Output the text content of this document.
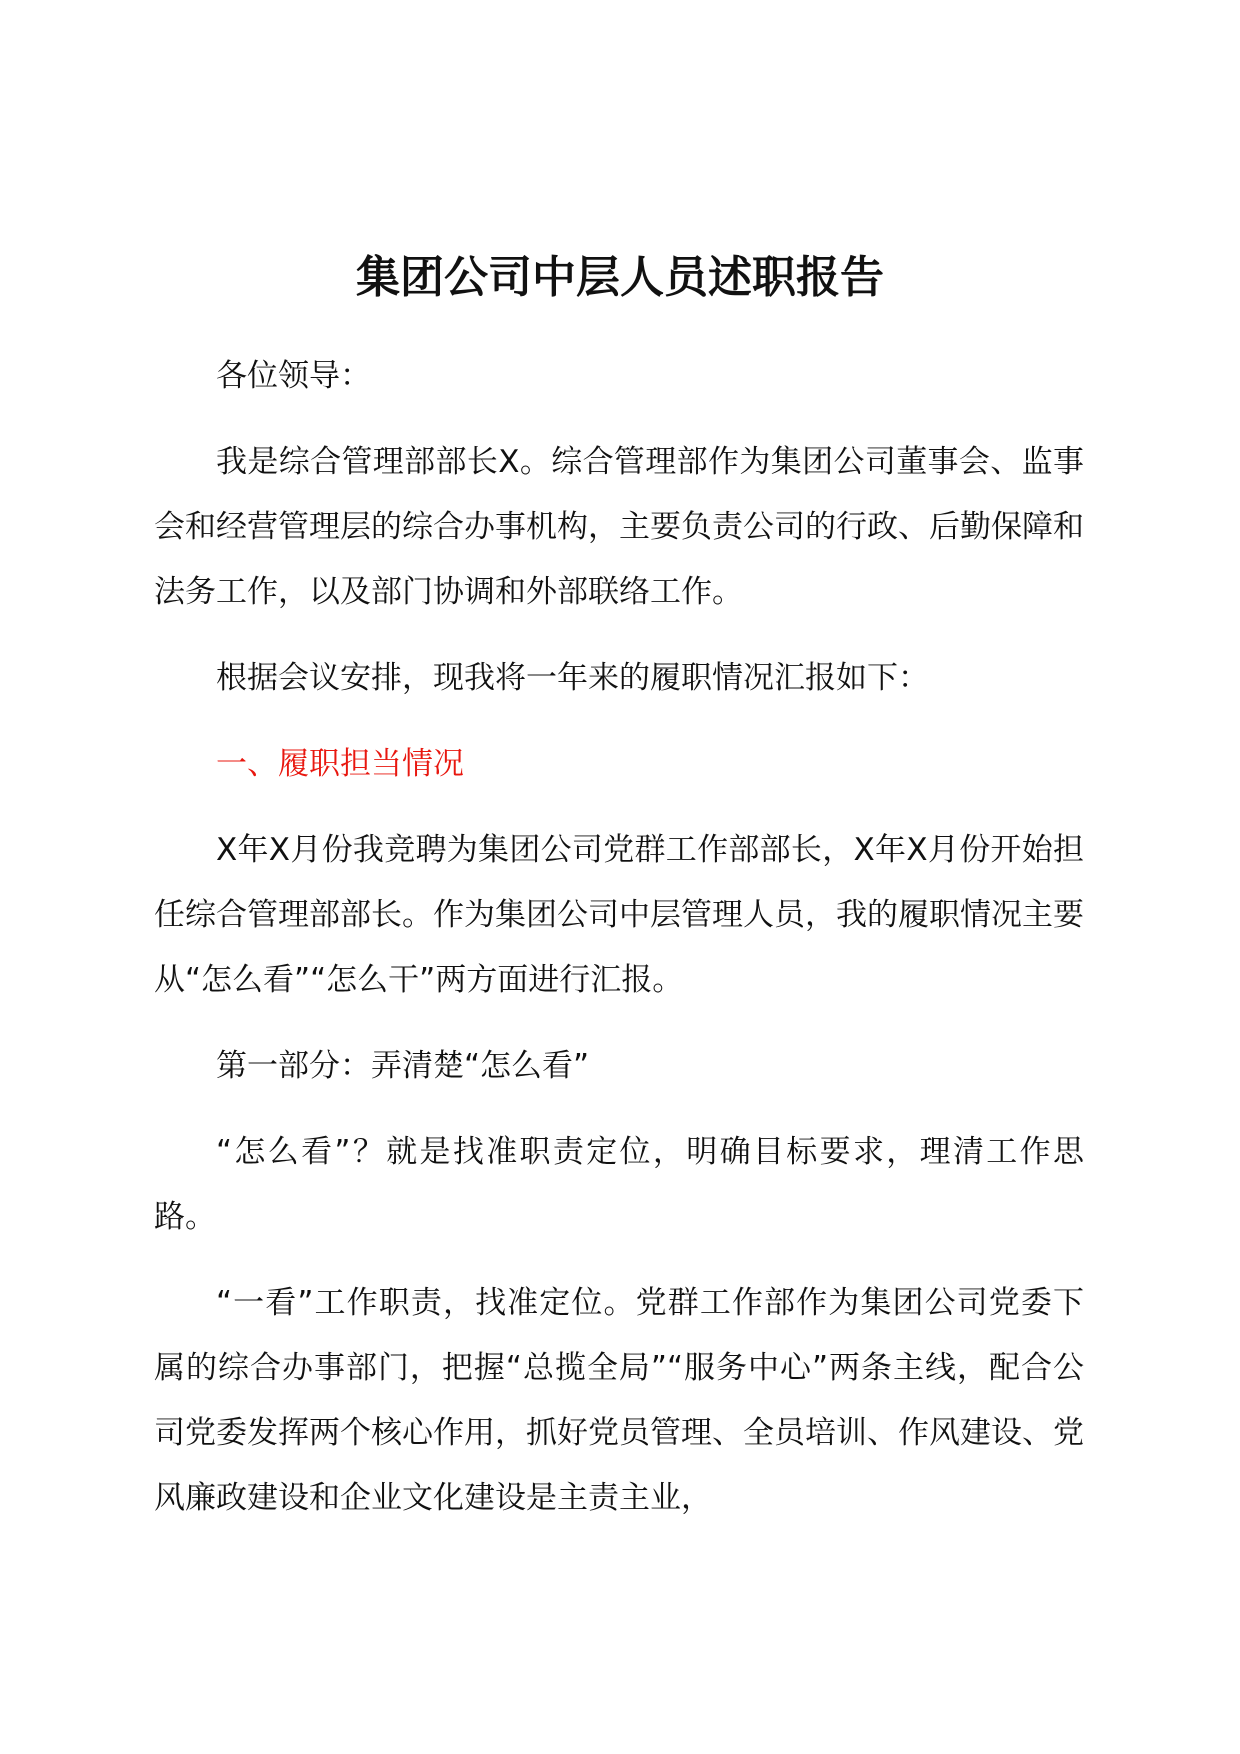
集团公司中层人员述职报告

各位领导：

我是综合管理部部长X。综合管理部作为集团公司董事会、监事会和经营管理层的综合办事机构，主要负责公司的行政、后勤保障和法务工作，以及部门协调和外部联络工作。

根据会议安排，现我将一年来的履职情况汇报如下：

一、履职担当情况

X年X月份我竞聘为集团公司党群工作部部长，X年X月份开始担任综合管理部部长。作为集团公司中层管理人员，我的履职情况主要从“怎么看”“怎么干”两方面进行汇报。

第一部分：弄清楚“怎么看”

“怎么看”？就是找准职责定位，明确目标要求，理清工作思路。

“一看”工作职责，找准定位。党群工作部作为集团公司党委下属的综合办事部门，把握“总揽全局”“服务中心”两条主线，配合公司党委发挥两个核心作用，抓好党员管理、全员培训、作风建设、党风廉政建设和企业文化建设是主责主业，
